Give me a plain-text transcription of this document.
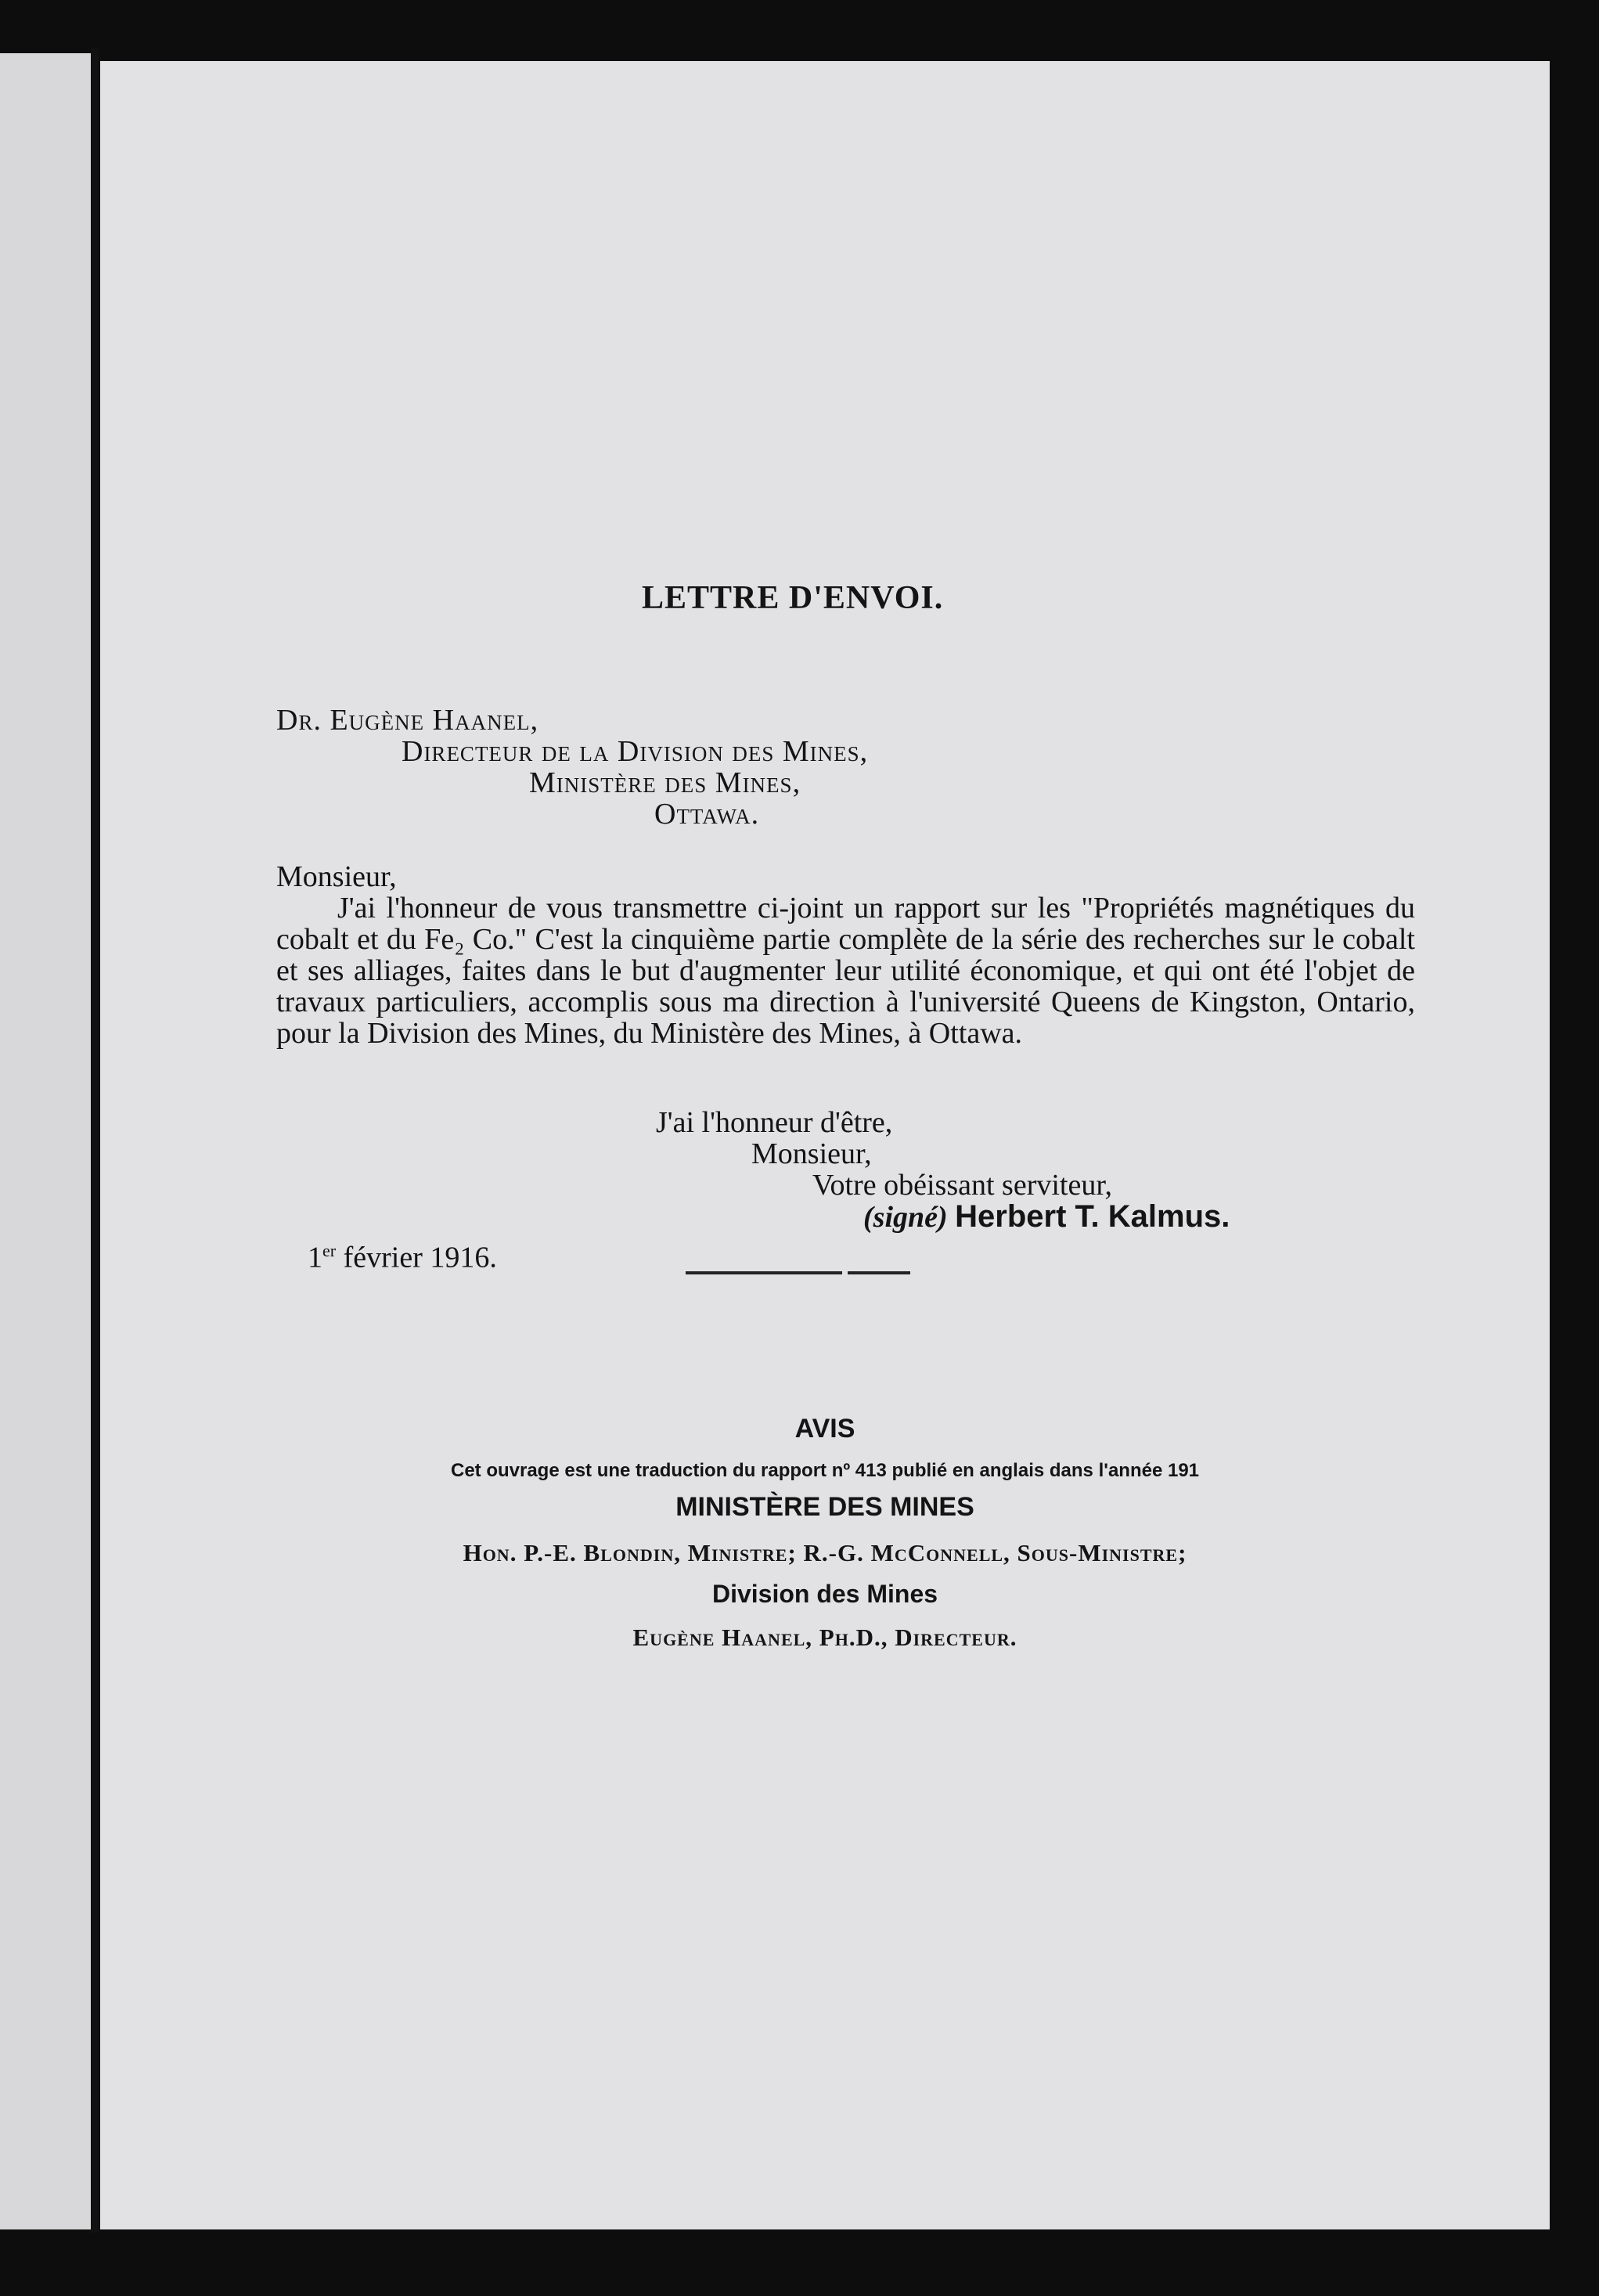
LETTRE D'ENVOI.
Dr. Eugène Haanel,
Directeur de la Division des Mines,
Ministère des Mines,
Ottawa.
Monsieur,
J'ai l'honneur de vous transmettre ci-joint un rapport sur les "Propriétés magnétiques du cobalt et du Fe₂ Co." C'est la cinquième partie complète de la série des recherches sur le cobalt et ses alliages, faites dans le but d'augmenter leur utilité économique, et qui ont été l'objet de travaux particuliers, accomplis sous ma direction à l'université Queens de Kingston, Ontario, pour la Division des Mines, du Ministère des Mines, à Ottawa.
J'ai l'honneur d'être,
Monsieur,
Votre obéissant serviteur,
(signé) Herbert T. Kalmus.
1er février 1916.
AVIS
Cet ouvrage est une traduction du rapport nº 413 publié en anglais dans l'année 191
MINISTÈRE DES MINES
Hon. P.-E. Blondin, Ministre; R.-G. McConnell, Sous-Ministre;
Division des Mines
Eugène Haanel, Ph.D., Directeur.
